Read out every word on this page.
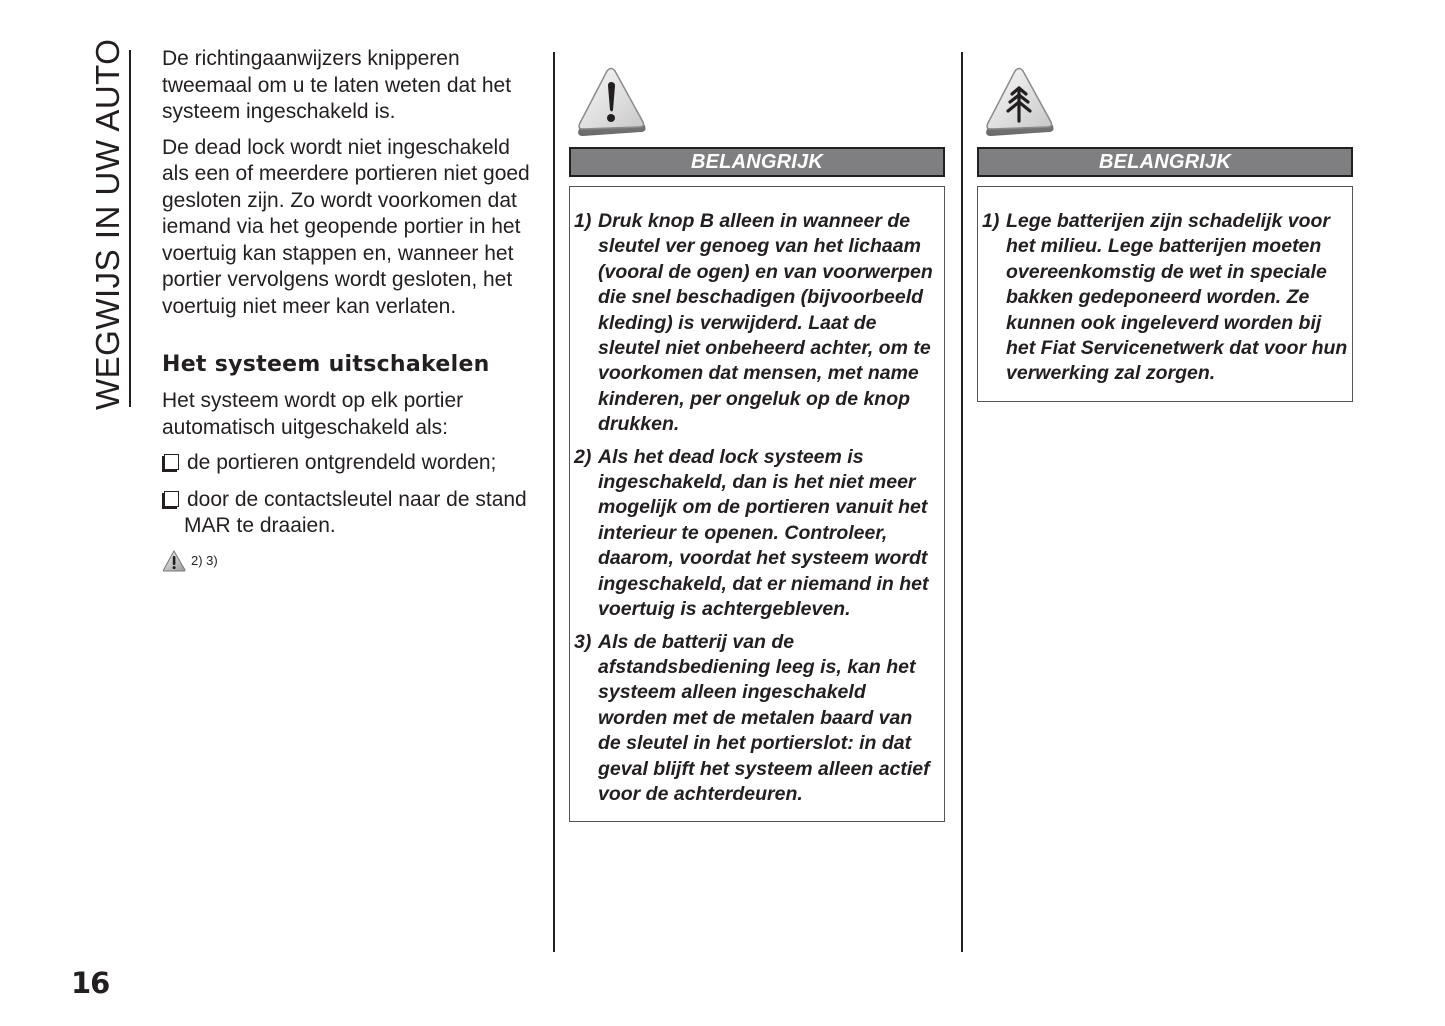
WEGWIJS IN UW AUTO De richtingaanwijzers knipperen tweemaal om u te laten weten dat het systeem ingeschakeld is.

De dead lock wordt niet ingeschakeld als een of meerdere portieren niet goed gesloten zijn. Zo wordt voorkomen dat iemand via het geopende portier in het voertuig kan stappen en, wanneer het portier vervolgens wordt gesloten, het voertuig niet meer kan verlaten.

Het systeem uitschakelen

Het systeem wordt op elk portier automatisch uitgeschakeld als:

de portieren ontgrendeld worden;
door de contactsleutel naar de stand MAR te draaien.
2) 3)
BELANGRIJK
1) Druk knop B alleen in wanneer de sleutel ver genoeg van het lichaam (vooral de ogen) en van voorwerpen die snel beschadigen (bijvoorbeeld kleding) is verwijderd. Laat de sleutel niet onbeheerd achter, om te voorkomen dat mensen, met name kinderen, per ongeluk op de knop drukken.
2) Als het dead lock systeem is ingeschakeld, dan is het niet meer mogelijk om de portieren vanuit het interieur te openen. Controleer, daarom, voordat het systeem wordt ingeschakeld, dat er niemand in het voertuig is achtergebleven.
3) Als de batterij van de afstandsbediening leeg is, kan het systeem alleen ingeschakeld worden met de metalen baard van de sleutel in het portierslot: in dat geval blijft het systeem alleen actief voor de achterdeuren.
BELANGRIJK
1) Lege batterijen zijn schadelijk voor het milieu. Lege batterijen moeten overeenkomstig de wet in speciale bakken gedeponeerd worden. Ze kunnen ook ingeleverd worden bij het Fiat Servicenetwerk dat voor hun verwerking zal zorgen.
16
